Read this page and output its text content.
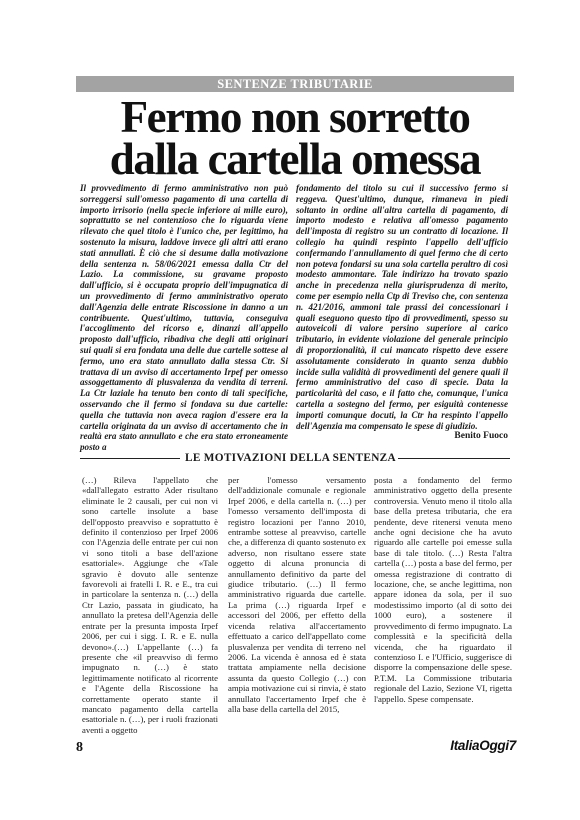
SENTENZE TRIBUTARIE
Fermo non sorretto
dalla cartella omessa

Il provvedimento di fermo amministrativo non può sorreggersi sull'omesso pagamento di una cartella di importo irrisorio (nella specie inferiore ai mille euro), soprattutto se nel contenzioso che lo riguarda viene rilevato che quel titolo è l'unico che, per legittimo, ha sostenuto la misura, laddove invece gli altri atti erano stati annullati. È ciò che si desume dalla motivazione della sentenza n. 58/06/2021 emessa dalla Ctr del Lazio. La commissione, su gravame proposto dall'ufficio, si è occupata proprio dell'impugnatica di un provvedimento di fermo amministrativo operato dall'Agenzia delle entrate Riscossione in danno a un contribuente. Quest'ultimo, tuttavia, conseguiva l'accoglimento del ricorso e, dinanzi all'appello proposto dall'ufficio, ribadiva che degli atti originari sui quali si era fondata una delle due cartelle sottese al fermo, uno era stato annullato dalla stessa Ctr. Si trattava di un avviso di accertamento Irpef per omesso assoggettamento di plusvalenza da vendita di terreni. La Ctr laziale ha tenuto ben conto di tali specifiche, osservando che il fermo si fondava su due cartelle: quella che tuttavia non aveca ragion d'essere era la cartella originata da un avviso di accertamento che in realtà era stato annullato e che era stato erroneamente posto a

fondamento del titolo su cui il successivo fermo si reggeva. Quest'ultimo, dunque, rimaneva in piedi soltanto in ordine all'altra cartella di pagamento, di importo modesto e relativa all'omesso pagamento dell'imposta di registro su un contratto di locazione. Il collegio ha quindi respinto l'appello dell'ufficio confermando l'annullamento di quel fermo che di certo non poteva fondarsi su una sola cartella peraltro di così modesto ammontare. Tale indirizzo ha trovato spazio anche in precedenza nella giurisprudenza di merito, come per esempio nella Ctp di Treviso che, con sentenza n. 421/2016, ammoni tale prassi dei concessionari i quali eseguono questo tipo di provvedimenti, spesso su autoveicoli di valore persino superiore al carico tributario, in evidente violazione del generale principio di proporzionalità, il cui mancato rispetto deve essere assolutamente considerato in quanto senza dubbio incide sulla validità di provvedimenti del genere quali il fermo amministrativo del caso di specie. Data la particolarità del caso, e il fatto che, comunque, l'unica cartella a sostegno del fermo, per esiguità contenesse importi comunque docuti, la Ctr ha respinto l'appello dell'Agenzia ma compensato le spese di giudizio.

Benito Fuoco

LE MOTIVAZIONI DELLA SENTENZA

(…) Rileva l'appellato che «dall'allegato estratto Ader risultano eliminate le 2 causali, per cui non vi sono cartelle insolute a base dell'opposto preavviso e soprattutto è definito il contenzioso per Irpef 2006 con l'Agenzia delle entrate per cui non vi sono titoli a base dell'azione esattoriale». Aggiunge che «Tale sgravio è dovuto alle sentenze favorevoli ai fratelli I. R. e E., tra cui in particolare la sentenza n. (…) della Ctr Lazio, passata in giudicato, ha annullato la pretesa dell'Agenzia delle entrate per la presunta imposta Irpef 2006, per cui i sigg. I. R. e E. nulla devono».(…) L'appellante (…) fa presente che «il preavviso di fermo impugnato n. (…) è stato legittimamente notificato al ricorrente e l'Agente della Riscossione ha correttamente operato stante il mancato pagamento della cartella esattoriale n. (…), per i ruoli frazionati aventi a oggetto

per l'omesso versamento dell'addizionale comunale e regionale Irpef 2006, e della cartella n. (…) per l'omesso versamento dell'imposta di registro locazioni per l'anno 2010, entrambe sottese al preavviso, cartelle che, a differenza di quanto sostenuto ex adverso, non risultano essere state oggetto di alcuna pronuncia di annullamento definitivo da parte del giudice tributario. (…) Il fermo amministrativo riguarda due cartelle. La prima (…) riguarda Irpef e accessori del 2006, per effetto della vicenda relativa all'accertamento effettuato a carico dell'appellato come plusvalenza per vendita di terreno nel 2006. La vicenda è annosa ed è stata trattata ampiamente nella decisione assunta da questo Collegio (…) con ampia motivazione cui si rinvia, è stato annullato l'accertamento Irpef che è alla base della cartella del 2015,

posta a fondamento del fermo amministrativo oggetto della presente controversia. Venuto meno il titolo alla base della pretesa tributaria, che era pendente, deve ritenersi venuta meno anche ogni decisione che ha avuto riguardo alle cartelle poi emesse sulla base di tale titolo. (…) Resta l'altra cartella (…) posta a base del fermo, per omessa registrazione di contratto di locazione, che, se anche legittima, non appare idonea da sola, per il suo modestissimo importo (al di sotto dei 1000 euro), a sostenere il provvedimento di fermo impugnato. La complessità e la specificità della vicenda, che ha riguardato il contenzioso I. e l'Ufficio, suggerisce di disporre la compensazione delle spese. P.T.M. La Commissione tributaria regionale del Lazio, Sezione VI, rigetta l'appello. Spese compensate.

8	ItaliaOggi7
